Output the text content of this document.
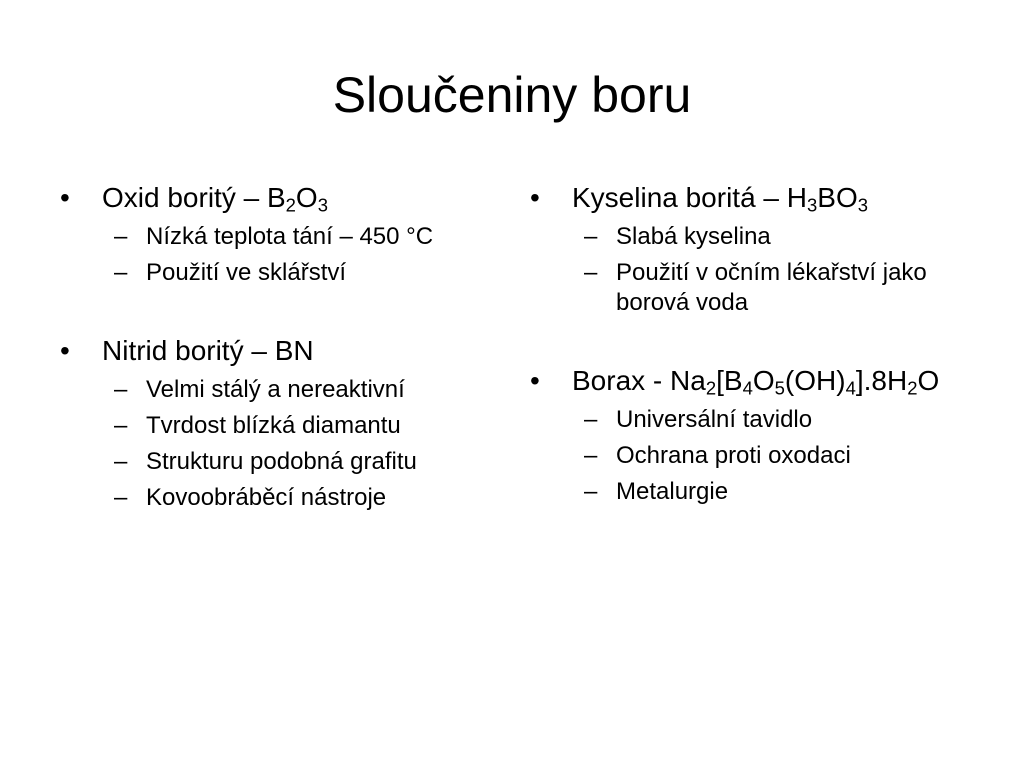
Sloučeniny boru
•	Oxid boritý – $B_2O_3$
– Nízká teplota tání – 450 °C
– Použití ve sklářství
•	Nitrid boritý – BN
– Velmi stálý a nereaktivní
– Tvrdost blízká diamantu
– Strukturu podobná grafitu
– Kovoobráběcí nástroje
•	Kyselina boritá – $H_3BO_3$
– Slabá kyselina
– Použití v očním lékařství jako borová voda
•	Borax - $Na_2[B_4O_5(OH)_4].8H_2O$
– Universální tavidlo
– Ochrana proti oxodaci
– Metalurgie
